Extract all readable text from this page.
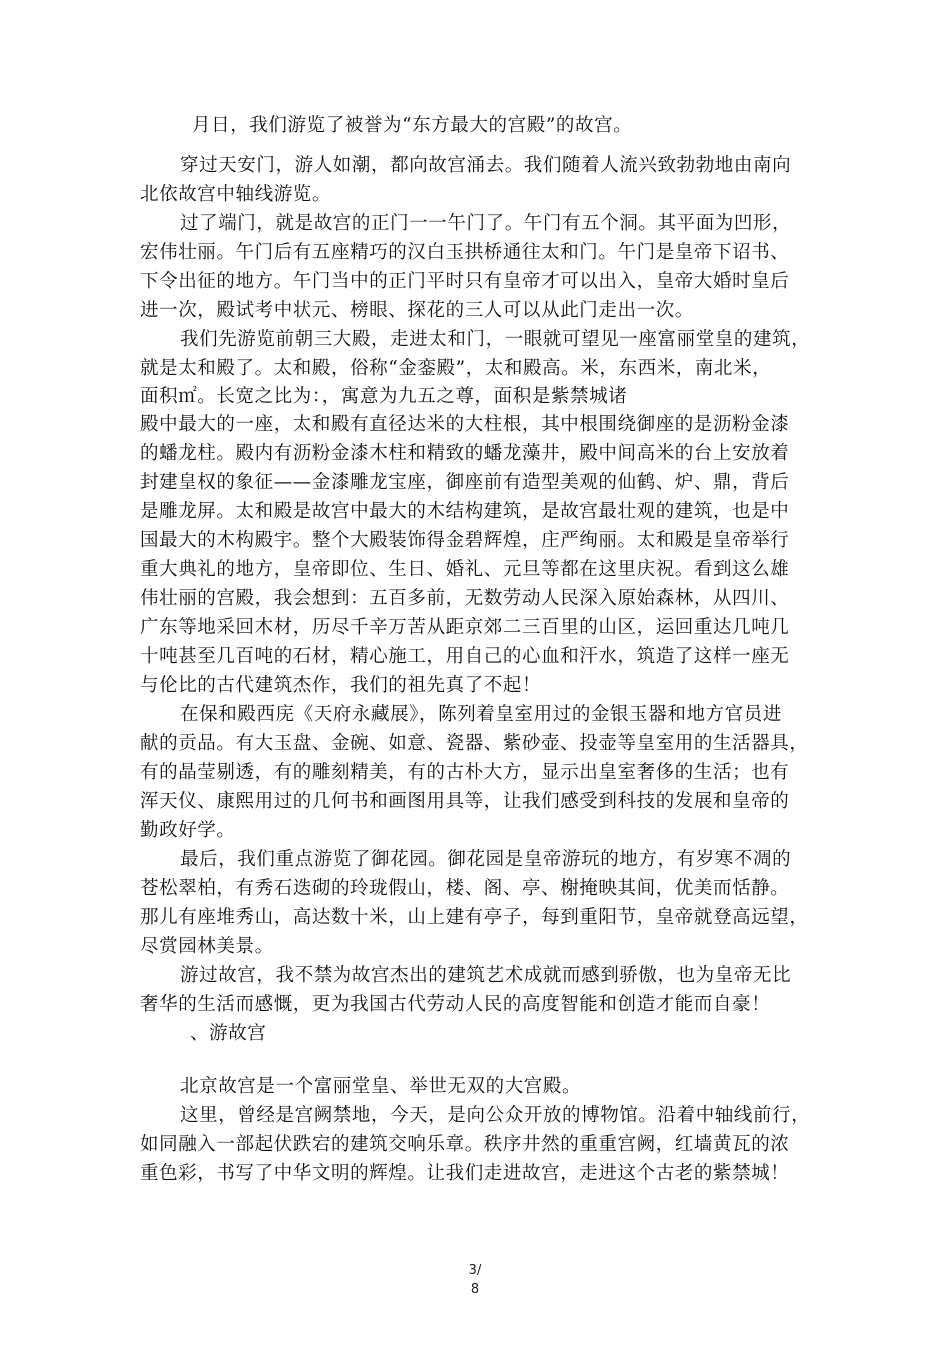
月日，我们游览了被誉为“东方最大的宫殿”的故宫。
穿过天安门，游人如潮，都向故宫涌去。我们随着人流兴致勃勃地由南向
北依故宫中轴线游览。
过了端门，就是故宫的正门一一午门了。午门有五个洞。其平面为凹形，
宏伟壮丽。午门后有五座精巧的汉白玉拱桥通往太和门。午门是皇帝下诏书、
下令出征的地方。午门当中的正门平时只有皇帝才可以出入，皇帝大婚时皇后
进一次，殿试考中状元、榜眼、探花的三人可以从此门走出一次。
我们先游览前朝三大殿，走进太和门，一眼就可望见一座富丽堂皇的建筑，
就是太和殿了。太和殿，俗称“金銮殿”，太和殿高。米，东西米，南北米，
面积㎡。长宽之比为：，寓意为九五之尊，面积是紫禁城诸
殿中最大的一座，太和殿有直径达米的大柱根，其中根围绕御座的是沥粉金漆
的蟠龙柱。殿内有沥粉金漆木柱和精致的蟠龙藻井，殿中间高米的台上安放着
封建皇权的象征——金漆雕龙宝座，御座前有造型美观的仙鹤、炉、鼎，背后
是雕龙屏。太和殿是故宫中最大的木结构建筑，是故宫最壮观的建筑，也是中
国最大的木构殿宇。整个大殿装饰得金碧辉煌，庄严绚丽。太和殿是皇帝举行
重大典礼的地方，皇帝即位、生日、婚礼、元旦等都在这里庆祝。看到这么雄
伟壮丽的宫殿，我会想到：五百多前，无数劳动人民深入原始森林，从四川、
广东等地采回木材，历尽千辛万苦从距京郊二三百里的山区，运回重达几吨几
十吨甚至几百吨的石材，精心施工，用自己的心血和汗水，筑造了这样一座无
与伦比的古代建筑杰作，我们的祖先真了不起！
在保和殿西庑《天府永藏展》，陈列着皇室用过的金银玉器和地方官员进
献的贡品。有大玉盘、金碗、如意、瓷器、紫砂壶、投壶等皇室用的生活器具，
有的晶莹剔透，有的雕刻精美，有的古朴大方，显示出皇室奢侈的生活；也有
浑天仪、康熙用过的几何书和画图用具等，让我们感受到科技的发展和皇帝的
勤政好学。
最后，我们重点游览了御花园。御花园是皇帝游玩的地方，有岁寒不凋的
苍松翠柏，有秀石迭砌的玲珑假山，楼、阁、亭、榭掩映其间，优美而恬静。
那儿有座堆秀山，高达数十米，山上建有亭子，每到重阳节，皇帝就登高远望，
尽赏园林美景。
游过故宫，我不禁为故宫杰出的建筑艺术成就而感到骄傲，也为皇帝无比
奢华的生活而感慨，更为我国古代劳动人民的高度智能和创造才能而自豪！
、游故宫
北京故宫是一个富丽堂皇、举世无双的大宫殿。
这里，曾经是宫阙禁地，今天，是向公众开放的博物馆。沿着中轴线前行，
如同融入一部起伏跌宕的建筑交响乐章。秩序井然的重重宫阙，红墙黄瓦的浓
重色彩，书写了中华文明的辉煌。让我们走进故宫，走进这个古老的紫禁城！
3/
8
